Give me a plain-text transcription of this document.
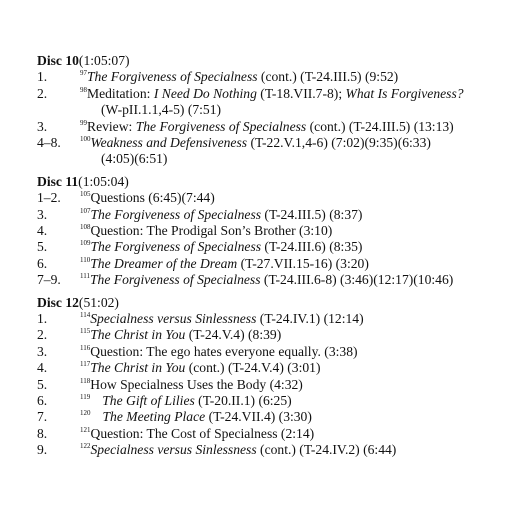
Disc 10(1:05:07)
1.	$^{97}$The Forgiveness of Specialness (cont.) (T-24.III.5) (9:52)
2.	$^{98}$Meditation: I Need Do Nothing (T-18.VII.7-8); What Is Forgiveness?
(W-pII.1.1,4-5) (7:51)
3.	$^{99}$Review: The Forgiveness of Specialness (cont.) (T-24.III.5) (13:13)
4–8.	$^{100}$Weakness and Defensiveness (T-22.V.1,4-6) (7:02)(9:35)(6:33)
(4:05)(6:51)
Disc 11(1:05:04)
1–2.	$^{105}$Questions (6:45)(7:44)
3.	$^{107}$The Forgiveness of Specialness (T-24.III.5) (8:37)
4.	$^{108}$Question: The Prodigal Son’s Brother (3:10)
5.	$^{109}$The Forgiveness of Specialness (T-24.III.6) (8:35)
6.	$^{110}$The Dreamer of the Dream (T-27.VII.15-16) (3:20)
7–9.	$^{111}$The Forgiveness of Specialness (T-24.III.6-8) (3:46)(12:17)(10:46)
Disc 12(51:02)
1.	$^{114}$Specialness versus Sinlessness (T-24.IV.1) (12:14)
2.	$^{115}$The Christ in You (T-24.V.4) (8:39)
3.	$^{116}$Question: The ego hates everyone equally. (3:38)
4.	$^{117}$The Christ in You (cont.) (T-24.V.4) (3:01)
5.	$^{118}$How Specialness Uses the Body (4:32)
6.	$^{119}$ The Gift of Lilies (T-20.II.1) (6:25)
7.	$^{120}$ The Meeting Place (T-24.VII.4) (3:30)
8.	$^{121}$Question: The Cost of Specialness (2:14)
9.	$^{122}$Specialness versus Sinlessness (cont.) (T-24.IV.2) (6:44)
